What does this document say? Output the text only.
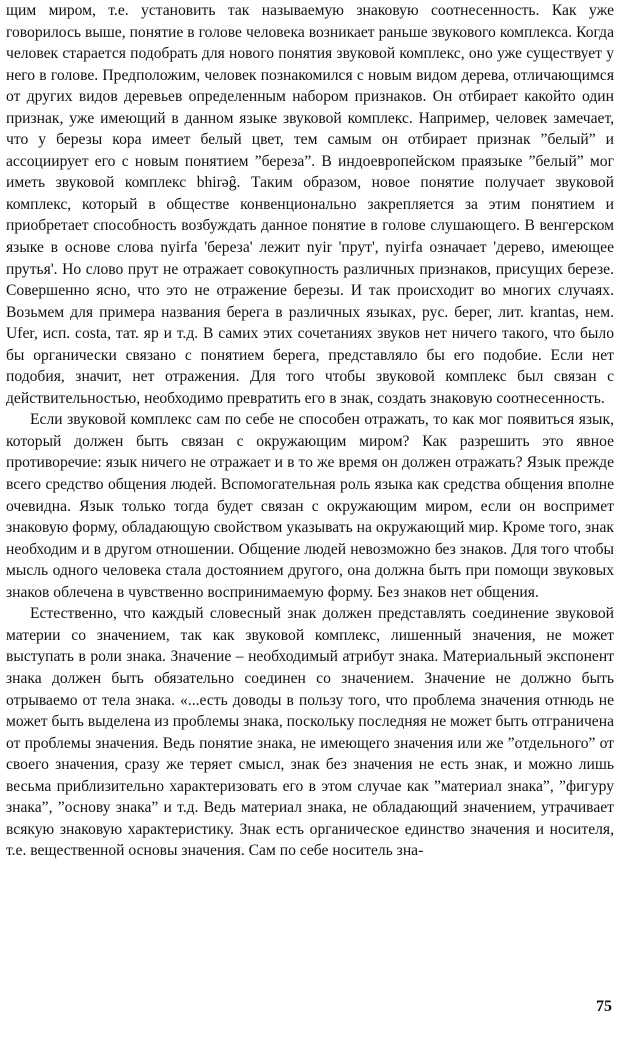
щим миром, т.е. установить так называемую знаковую соотнесенность. Как уже говорилось выше, понятие в голове человека возникает раньше звукового комплекса. Когда человек старается подобрать для нового понятия звуковой комплекс, оно уже существует у него в голове. Предположим, человек познакомился с новым видом дерева, отличающимся от других видов деревьев определенным набором признаков. Он отбирает какойто один признак, уже имеющий в данном языке звуковой комплекс. Например, человек замечает, что у березы кора имеет белый цвет, тем самым он отбирает признак ”белый” и ассоциирует его с новым понятием ”береза”. В индоевропейском праязыке ”белый” мог иметь звуковой комплекс bhirəĝ. Таким образом, новое понятие получает звуковой комплекс, который в обществе конвенционально закрепляется за этим понятием и приобретает способность возбуждать данное понятие в голове слушающего. В венгерском языке в основе слова nyirfa 'береза' лежит nyir 'прут', nyirfa означает 'дерево, имеющее прутья'. Но слово прут не отражает совокупность различных признаков, присущих березе. Совершенно ясно, что это не отражение березы. И так происходит во многих случаях. Возьмем для примера названия берега в различных языках, рус. берег, лит. krantas, нем. Ufer, исп. costa, тат. яр и т.д. В самих этих сочетаниях звуков нет ничего такого, что было бы органически связано с понятием берега, представляло бы его подобие. Если нет подобия, значит, нет отражения. Для того чтобы звуковой комплекс был связан с действительностью, необходимо превратить его в знак, создать знаковую соотнесенность.

Если звуковой комплекс сам по себе не способен отражать, то как мог появиться язык, который должен быть связан с окружающим миром? Как разрешить это явное противоречие: язык ничего не отражает и в то же время он должен отражать? Язык прежде всего средство общения людей. Вспомогательная роль языка как средства общения вполне очевидна. Язык только тогда будет связан с окружающим миром, если он воспримет знаковую форму, обладающую свойством указывать на окружающий мир. Кроме того, знак необходим и в другом отношении. Общение людей невозможно без знаков. Для того чтобы мысль одного человека стала достоянием другого, она должна быть при помощи звуковых знаков облечена в чувственно воспринимаемую форму. Без знаков нет общения.

Естественно, что каждый словесный знак должен представлять соединение звуковой материи со значением, так как звуковой комплекс, лишенный значения, не может выступать в роли знака. Значение – необходимый атрибут знака. Материальный экспонент знака должен быть обязательно соединен со значением. Значение не должно быть отрываемо от тела знака. «...есть доводы в пользу того, что проблема значения отнюдь не может быть выделена из проблемы знака, поскольку последняя не может быть отграничена от проблемы значения. Ведь понятие знака, не имеющего значения или же ”отдельного” от своего значения, сразу же теряет смысл, знак без значения не есть знак, и можно лишь весьма приблизительно характеризовать его в этом случае как ”материал знака”, ”фигуру знака”, ”основу знака” и т.д. Ведь материал знака, не обладающий значением, утрачивает всякую знаковую характеристику. Знак есть органическое единство значения и носителя, т.е. вещественной основы значения. Сам по себе носитель зна-

75
